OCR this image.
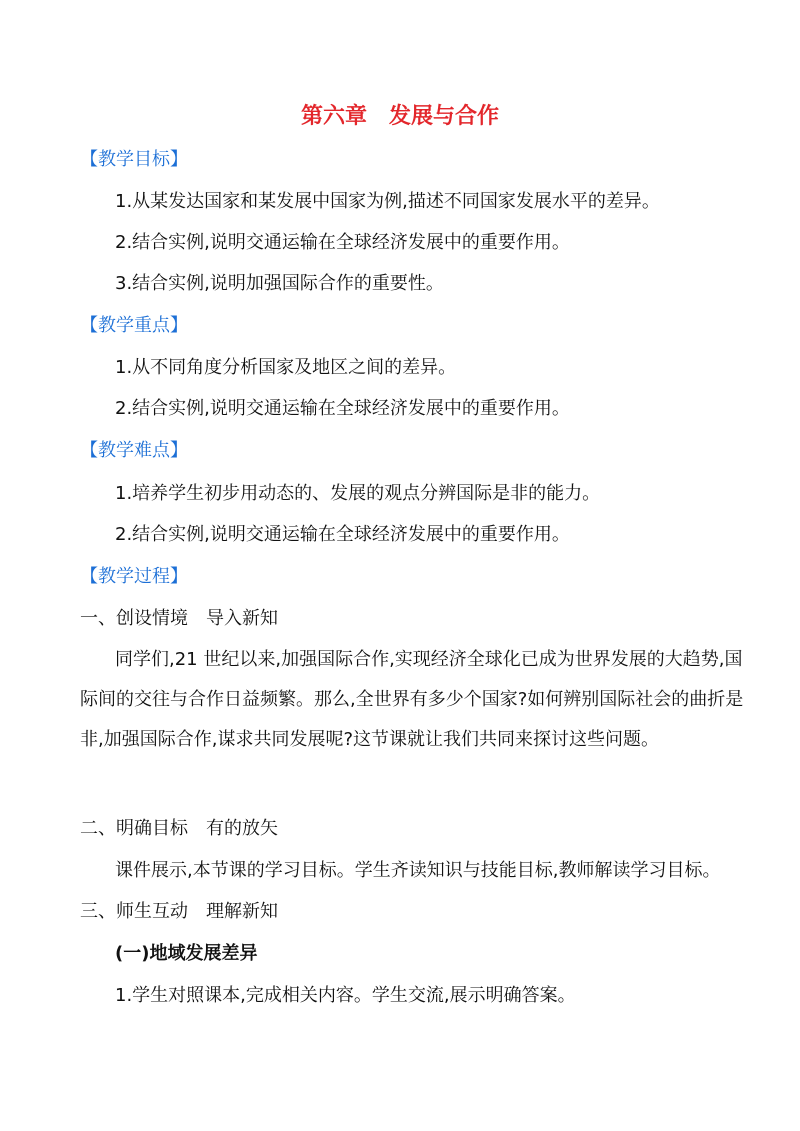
第六章　发展与合作
【教学目标】
1.从某发达国家和某发展中国家为例,描述不同国家发展水平的差异。
2.结合实例,说明交通运输在全球经济发展中的重要作用。
3.结合实例,说明加强国际合作的重要性。
【教学重点】
1.从不同角度分析国家及地区之间的差异。
2.结合实例,说明交通运输在全球经济发展中的重要作用。
【教学难点】
1.培养学生初步用动态的、发展的观点分辨国际是非的能力。
2.结合实例,说明交通运输在全球经济发展中的重要作用。
【教学过程】
一、创设情境　导入新知
同学们,21 世纪以来,加强国际合作,实现经济全球化已成为世界发展的大趋势,国际间的交往与合作日益频繁。那么,全世界有多少个国家?如何辨别国际社会的曲折是非,加强国际合作,谋求共同发展呢?这节课就让我们共同来探讨这些问题。
二、明确目标　有的放矢
课件展示,本节课的学习目标。学生齐读知识与技能目标,教师解读学习目标。
三、师生互动　理解新知
(一)地域发展差异
1.学生对照课本,完成相关内容。学生交流,展示明确答案。
